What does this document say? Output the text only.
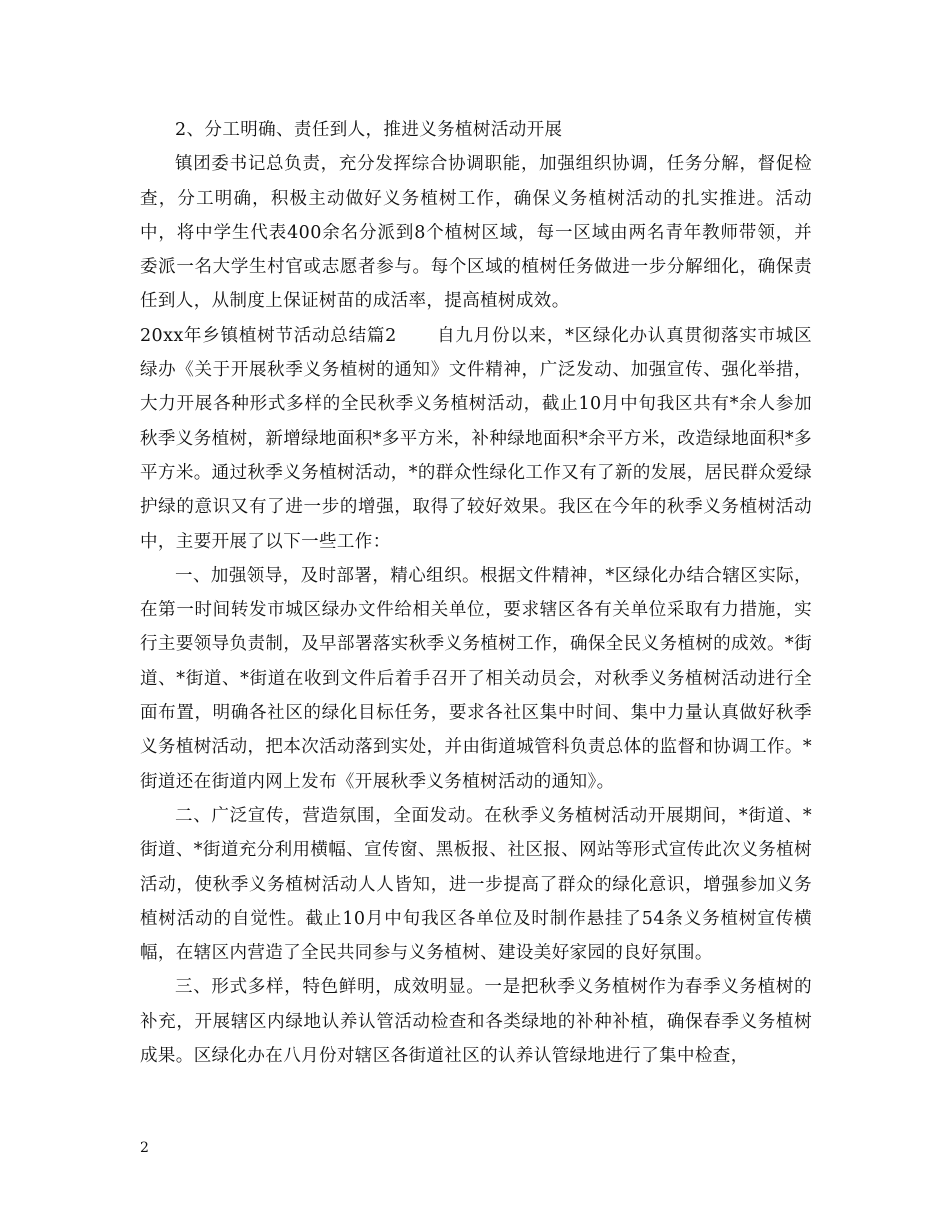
2、分工明确、责任到人，推进义务植树活动开展

镇团委书记总负责，充分发挥综合协调职能，加强组织协调，任务分解，督促检查，分工明确，积极主动做好义务植树工作，确保义务植树活动的扎实推进。活动中，将中学生代表400余名分派到8个植树区域，每一区域由两名青年教师带领，并委派一名大学生村官或志愿者参与。每个区域的植树任务做进一步分解细化，确保责任到人，从制度上保证树苗的成活率，提高植树成效。

20xx年乡镇植树节活动总结篇2 自九月份以来，*区绿化办认真贯彻落实市城区绿办《关于开展秋季义务植树的通知》文件精神，广泛发动、加强宣传、强化举措，大力开展各种形式多样的全民秋季义务植树活动，截止10月中旬我区共有*余人参加秋季义务植树，新增绿地面积*多平方米，补种绿地面积*余平方米，改造绿地面积*多平方米。通过秋季义务植树活动，*的群众性绿化工作又有了新的发展，居民群众爱绿护绿的意识又有了进一步的增强，取得了较好效果。我区在今年的秋季义务植树活动中，主要开展了以下一些工作：

一、加强领导，及时部署，精心组织。根据文件精神，*区绿化办结合辖区实际，在第一时间转发市城区绿办文件给相关单位，要求辖区各有关单位采取有力措施，实行主要领导负责制，及早部署落实秋季义务植树工作，确保全民义务植树的成效。*街道、*街道、*街道在收到文件后着手召开了相关动员会，对秋季义务植树活动进行全面布置，明确各社区的绿化目标任务，要求各社区集中时间、集中力量认真做好秋季义务植树活动，把本次活动落到实处，并由街道城管科负责总体的监督和协调工作。*街道还在街道内网上发布《开展秋季义务植树活动的通知》。

二、广泛宣传，营造氛围，全面发动。在秋季义务植树活动开展期间，*街道、*街道、*街道充分利用横幅、宣传窗、黑板报、社区报、网站等形式宣传此次义务植树活动，使秋季义务植树活动人人皆知，进一步提高了群众的绿化意识，增强参加义务植树活动的自觉性。截止10月中旬我区各单位及时制作悬挂了54条义务植树宣传横幅，在辖区内营造了全民共同参与义务植树、建设美好家园的良好氛围。

三、形式多样，特色鲜明，成效明显。一是把秋季义务植树作为春季义务植树的补充，开展辖区内绿地认养认管活动检查和各类绿地的补种补植，确保春季义务植树成果。区绿化办在八月份对辖区各街道社区的认养认管绿地进行了集中检查，

2
